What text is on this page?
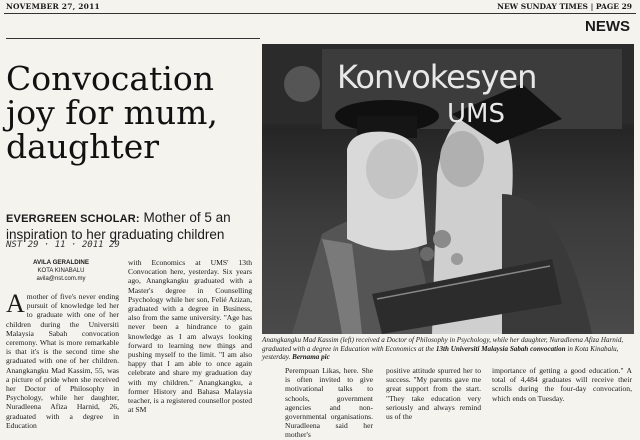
NOVEMBER 27, 2011	NEW SUNDAY TIMES | PAGE 29
NEWS
Convocation joy for mum, daughter
EVERGREEN SCHOLAR: Mother of 5 an inspiration to her graduating children
NST 29 · 11 · 2011 29
AVILA GERALDINE
KOTA KINABALU
avila@nst.com.my
A mother of five's never ending pursuit of knowledge led her to graduate with one of her children during the Universiti Malaysia Sabah convocation ceremony. What is more remarkable is that it's is the second time she graduated with one of her children. Anangkangku Mad Kassim, 55, was a picture of pride when she received her Doctor of Philosophy in Psychology, while her daughter, Nuradleena Afiza Harnid, 26, graduated with a degree in Education
with Economics at UMS' 13th Convocation here, yesterday. Six years ago, Anangkangku graduated with a Master's degree in Counselling Psychology while her son, Felié Azizan, graduated with a degree in Business, also from the same university. "Age has never been a hindrance to gain knowledge as I am always looking forward to learning new things and pushing myself to the limit. "I am also happy that I am able to once again celebrate and share my graduation day with my children." Anangkangku, a former History and Bahasa Malaysia teacher, is a registered counsellor posted at SM
Konvokesyen
UMS
Anangkangku Mad Kassim (left) received a Doctor of Philosophy in Psychology, while her daughter, Nuradleena Afiza Harnid, graduated with a degree in Education with Economics at the 13th Universiti Malaysia Sabah convocation in Kota Kinabalu, yesterday. Bernama pic
Perempuan Likas, here. She is often invited to give motivational talks to schools, government agencies and non-governmental organisations. Nuradleena said her mother's
positive attitude spurred her to success. "My parents gave me great support from the start. "They take education very seriously and always remind us of the
importance of getting a good education." A total of 4,484 graduates will receive their scrolls during the four-day convocation, which ends on Tuesday.
